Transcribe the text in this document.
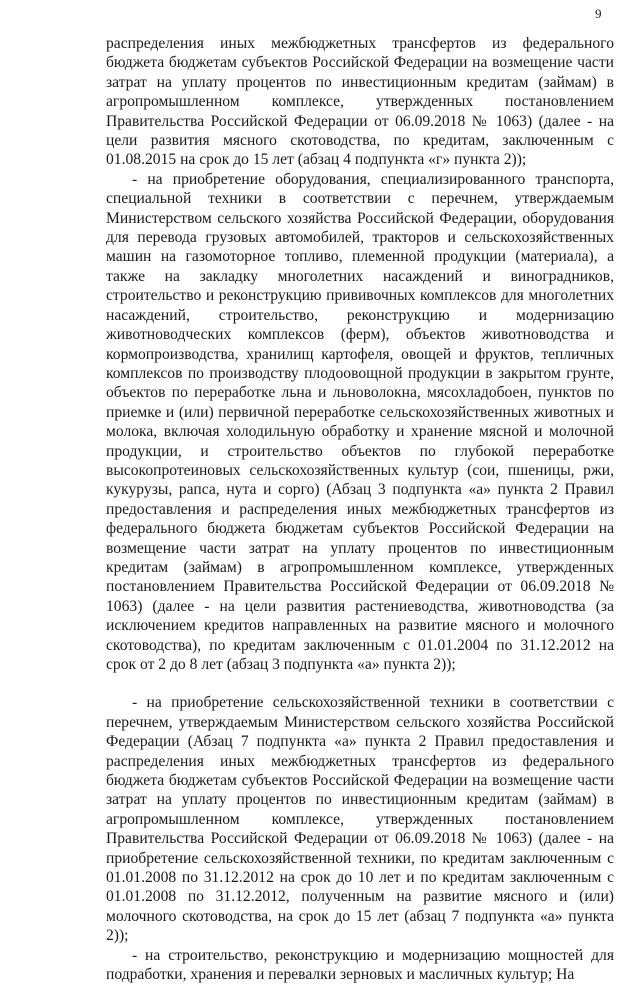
9

распределения иных межбюджетных трансфертов из федерального бюджета бюджетам субъектов Российской Федерации на возмещение части затрат на уплату процентов по инвестиционным кредитам (займам) в агропромышленном комплексе, утвержденных постановлением Правительства Российской Федерации от 06.09.2018 № 1063) (далее - на цели развития мясного скотоводства, по кредитам, заключенным с 01.08.2015 на срок до 15 лет (абзац 4 подпункта «г» пункта 2));

- на приобретение оборудования, специализированного транспорта, специальной техники в соответствии с перечнем, утверждаемым Министерством сельского хозяйства Российской Федерации, оборудования для перевода грузовых автомобилей, тракторов и сельскохозяйственных машин на газомоторное топливо, племенной продукции (материала), а также на закладку многолетних насаждений и виноградников, строительство и реконструкцию прививочных комплексов для многолетних насаждений, строительство, реконструкцию и модернизацию животноводческих комплексов (ферм), объектов животноводства и кормопроизводства, хранилищ картофеля, овощей и фруктов, тепличных комплексов по производству плодоовощной продукции в закрытом грунте, объектов по переработке льна и льноволокна, мясохладобоен, пунктов по приемке и (или) первичной переработке сельскохозяйственных животных и молока, включая холодильную обработку и хранение мясной и молочной продукции, и строительство объектов по глубокой переработке высокопротеиновых сельскохозяйственных культур (сои, пшеницы, ржи, кукурузы, рапса, нута и сорго) (Абзац 3 подпункта «а» пункта 2 Правил предоставления и распределения иных межбюджетных трансфертов из федерального бюджета бюджетам субъектов Российской Федерации на возмещение части затрат на уплату процентов по инвестиционным кредитам (займам) в агропромышленном комплексе, утвержденных постановлением Правительства Российской Федерации от 06.09.2018 № 1063) (далее - на цели развития растениеводства, животноводства (за исключением кредитов направленных на развитие мясного и молочного скотоводства), по кредитам заключенным с 01.01.2004 по 31.12.2012 на срок от 2 до 8 лет (абзац 3 подпункта «а» пункта 2));

- на приобретение сельскохозяйственной техники в соответствии с перечнем, утверждаемым Министерством сельского хозяйства Российской Федерации (Абзац 7 подпункта «а» пункта 2 Правил предоставления и распределения иных межбюджетных трансфертов из федерального бюджета бюджетам субъектов Российской Федерации на возмещение части затрат на уплату процентов по инвестиционным кредитам (займам) в агропромышленном комплексе, утвержденных постановлением Правительства Российской Федерации от 06.09.2018 № 1063) (далее - на приобретение сельскохозяйственной техники, по кредитам заключенным с 01.01.2008 по 31.12.2012 на срок до 10 лет и по кредитам заключенным с 01.01.2008 по 31.12.2012, полученным на развитие мясного и (или) молочного скотоводства, на срок до 15 лет (абзац 7 подпункта «а» пункта 2));

- на строительство, реконструкцию и модернизацию мощностей для подработки, хранения и перевалки зерновых и масличных культур; На
